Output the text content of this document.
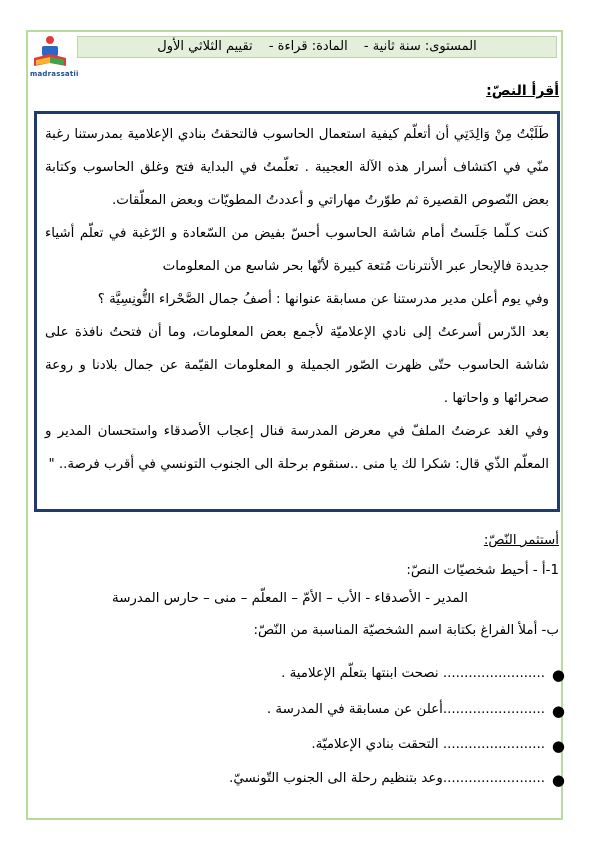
madrassatii
المستوى: سنة ثانية - المادة: قراءة - تقييم الثلاثي الأول
أقرأ النصّ:

طَلَبْتُ مِنْ وَالِدَتِي أن أتعلّم كيفية استعمال الحاسوب فالتحقتُ بنادي الإعلامية بمدرستنا رغبة منّي في اكتشاف أسرار هذه الآلة العجيبة . تعلّمتُ في البداية فتح وغلق الحاسوب وكتابة بعض النّصوص القصيرة ثم طوّرتُ مهاراتي و أعددتُ المطويّات وبعض المعلّقات.

كنت كـلّما جَلَستُ أمام شاشة الحاسوب أحسّ بفيض من السّعادة و الرّغبة في تعلّم أشياء جديدة فالإبحار عبر الأنترنات مُتعة كبيرة لأنّها بحر شاسع من المعلومات

وفي يوم أعلن مدير مدرستنا عن مسابقة عنوانها : أصفُ جمال الصَّحْراء التُّونِسِيَّة ؟

بعد الدّرس أسرعتُ إلى نادي الإعلاميّة لأجمع بعض المعلومات، وما أن فتحتُ نافذة على شاشة الحاسوب حتّى ظهرت الصّور الجميلة و المعلومات القيّمة عن جمال بلادنا و روعة صحرائها و واحاتها .

وفي الغد عرضتُ الملفّ في معرض المدرسة فنال إعجاب الأصدقاء واستحسان المدير و المعلّم الذّي قال: شكرا لك يا منى ..سنقوم برحلة الى الجنوب التونسي في أقرب فرصة.. "

أستثمر النّصّ:
1-أ - أحيط شخصيّات النصّ:
المدير - الأصدقاء - الأب – الأمّ – المعلّم – منى – حارس المدرسة
ب- أملأ الفراغ بكتابة اسم الشخصيّة المناسبة من النّصّ:
●
........................ نصحت ابنتها بتعلّم الإعلامية .
●
........................أعلن عن مسابقة في المدرسة .
●
........................ التحقت بنادي الإعلاميّة.
●
........................وعد بتنظيم رحلة الى الجنوب التّونسيّ.
